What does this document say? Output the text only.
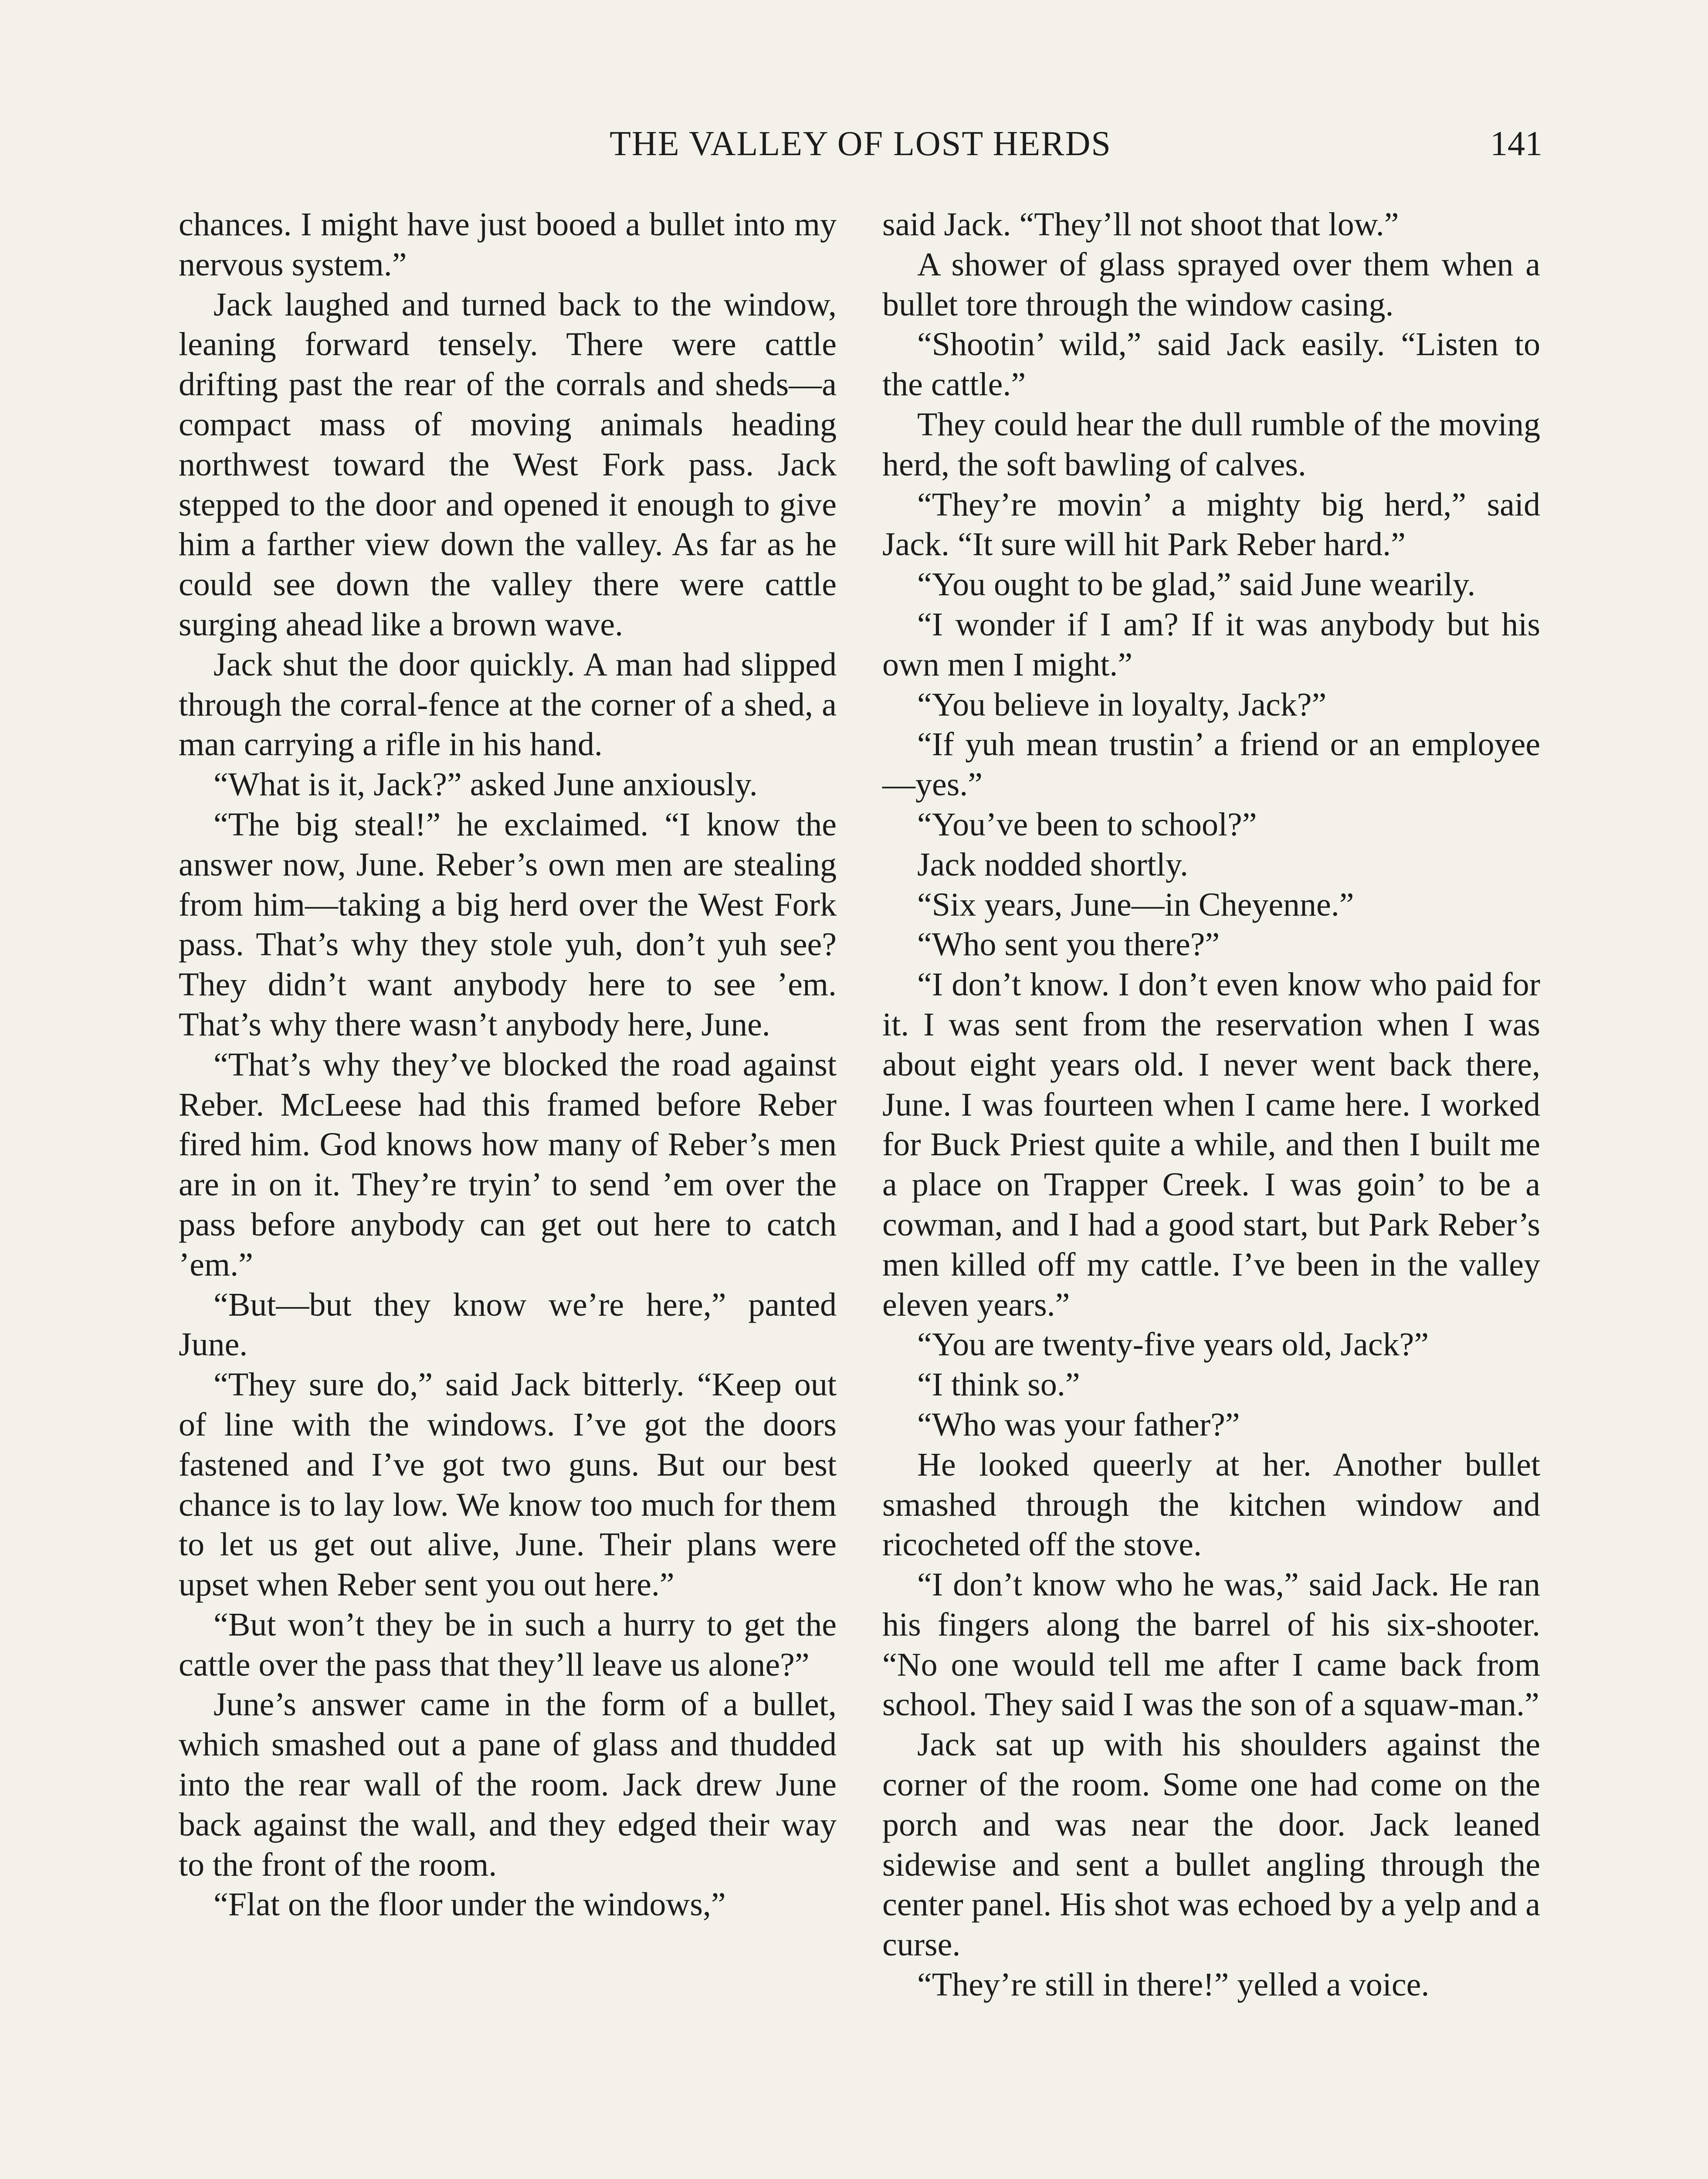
THE VALLEY OF LOST HERDS	141

chances. I might have just booed a bullet into my nervous system.”

Jack laughed and turned back to the window, leaning forward tensely. There were cattle drifting past the rear of the corrals and sheds—a compact mass of moving animals heading northwest toward the West Fork pass. Jack stepped to the door and opened it enough to give him a farther view down the valley. As far as he could see down the valley there were cattle surging ahead like a brown wave.

Jack shut the door quickly. A man had slipped through the corral-fence at the corner of a shed, a man carrying a rifle in his hand.

“What is it, Jack?” asked June anxiously.

“The big steal!” he exclaimed. “I know the answer now, June. Reber’s own men are stealing from him—taking a big herd over the West Fork pass. That’s why they stole yuh, don’t yuh see? They didn’t want anybody here to see ’em. That’s why there wasn’t anybody here, June.

“That’s why they’ve blocked the road against Reber. McLeese had this framed before Reber fired him. God knows how many of Reber’s men are in on it. They’re tryin’ to send ’em over the pass before anybody can get out here to catch ’em.”

“But—but they know we’re here,” panted June.

“They sure do,” said Jack bitterly. “Keep out of line with the windows. I’ve got the doors fastened and I’ve got two guns. But our best chance is to lay low. We know too much for them to let us get out alive, June. Their plans were upset when Reber sent you out here.”

“But won’t they be in such a hurry to get the cattle over the pass that they’ll leave us alone?”

June’s answer came in the form of a bullet, which smashed out a pane of glass and thudded into the rear wall of the room. Jack drew June back against the wall, and they edged their way to the front of the room.

“Flat on the floor under the windows,”

said Jack. “They’ll not shoot that low.”

A shower of glass sprayed over them when a bullet tore through the window casing.

“Shootin’ wild,” said Jack easily. “Listen to the cattle.”

They could hear the dull rumble of the moving herd, the soft bawling of calves.

“They’re movin’ a mighty big herd,” said Jack. “It sure will hit Park Reber hard.”

“You ought to be glad,” said June wearily.

“I wonder if I am? If it was anybody but his own men I might.”

“You believe in loyalty, Jack?”

“If yuh mean trustin’ a friend or an employee—yes.”

“You’ve been to school?”

Jack nodded shortly.

“Six years, June—in Cheyenne.”

“Who sent you there?”

“I don’t know. I don’t even know who paid for it. I was sent from the reservation when I was about eight years old. I never went back there, June. I was fourteen when I came here. I worked for Buck Priest quite a while, and then I built me a place on Trapper Creek. I was goin’ to be a cowman, and I had a good start, but Park Reber’s men killed off my cattle. I’ve been in the valley eleven years.”

“You are twenty-five years old, Jack?”

“I think so.”

“Who was your father?”

He looked queerly at her. Another bullet smashed through the kitchen window and ricocheted off the stove.

“I don’t know who he was,” said Jack. He ran his fingers along the barrel of his six-shooter. “No one would tell me after I came back from school. They said I was the son of a squaw-man.”

Jack sat up with his shoulders against the corner of the room. Some one had come on the porch and was near the door. Jack leaned sidewise and sent a bullet angling through the center panel. His shot was echoed by a yelp and a curse.

“They’re still in there!” yelled a voice.
